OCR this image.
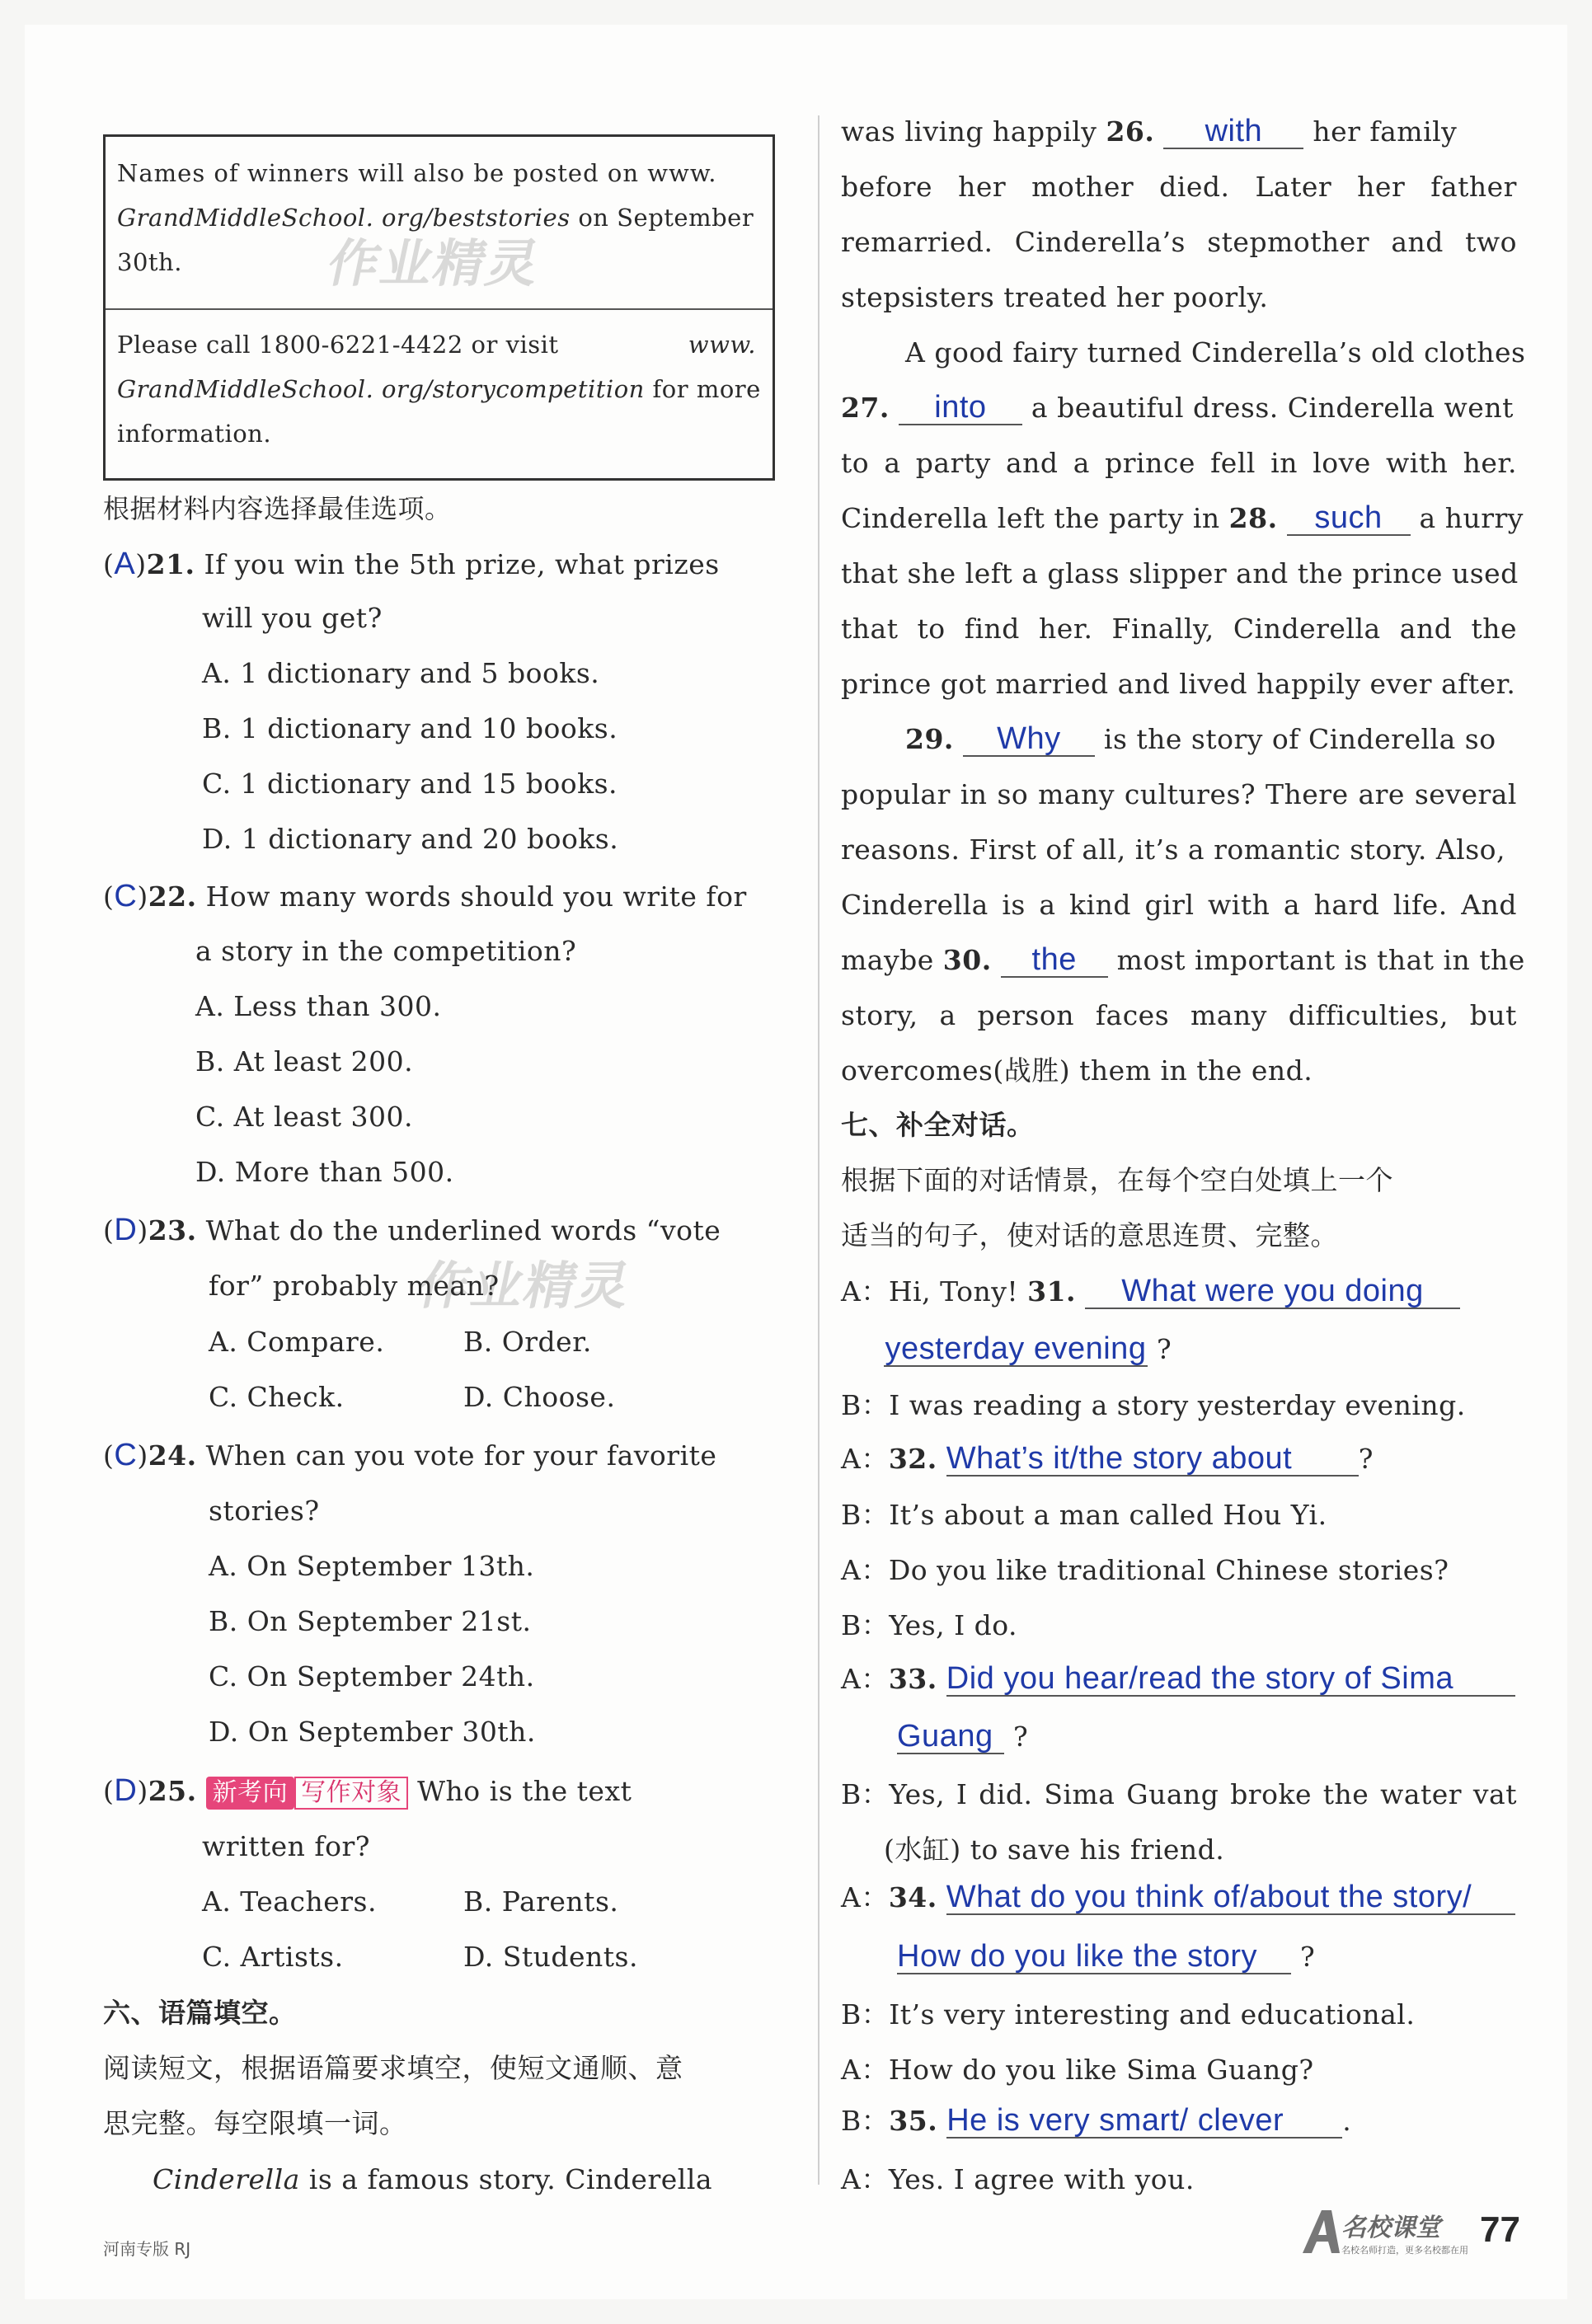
Names of winners will also be posted on www.
GrandMiddleSchool. org/beststories on September
30th.
Please call 1800-6221-4422 or visit	www.
GrandMiddleSchool. org/storycompetition for more
information.
作业精灵
作业精灵
根据材料内容选择最佳选项。
(A)21. If you win the 5th prize, what prizes
will you get?
A. 1 dictionary and 5 books.
B. 1 dictionary and 10 books.
C. 1 dictionary and 15 books.
D. 1 dictionary and 20 books.
(C)22. How many words should you write for
a story in the competition?
A. Less than 300.
B. At least 200.
C. At least 300.
D. More than 500.
(D)23. What do the underlined words “vote
for” probably mean?
A. Compare.	B. Order.
C. Check.	D. Choose.
(C)24. When can you vote for your favorite
stories?
A. On September 13th.
B. On September 21st.
C. On September 24th.
D. On September 30th.
(D)25. 新考向 写作对象 Who is the text
written for?
A. Teachers.	B. Parents.
C. Artists.	D. Students.
六、语篇填空。
阅读短文，根据语篇要求填空，使短文通顺、意
思完整。每空限填一词。
Cinderella is a famous story. Cinderella
was living happily 26. with her family
before her mother died. Later her father
remarried. Cinderella’s stepmother and two
stepsisters treated her poorly.
A good fairy turned Cinderella’s old clothes
27. into a beautiful dress. Cinderella went
to a party and a prince fell in love with her.
Cinderella left the party in 28. such a hurry
that she left a glass slipper and the prince used
that to find her. Finally, Cinderella and the
prince got married and lived happily ever after.
29. Why is the story of Cinderella so
popular in so many cultures? There are several
reasons. First of all, it’s a romantic story. Also,
Cinderella is a kind girl with a hard life. And
maybe 30. the most important is that in the
story, a person faces many difficulties, but
overcomes(战胜) them in the end.
七、补全对话。
根据下面的对话情景，在每个空白处填上一个
适当的句子，使对话的意思连贯、完整。
A：Hi, Tony! 31. What were you doing
yesterday evening ?
B：I was reading a story yesterday evening.
A：32. What’s it/the story about ?
B：It’s about a man called Hou Yi.
A：Do you like traditional Chinese stories?
B：Yes, I do.
A：33. Did you hear/read the story of Sima
Guang ?
B：Yes, I did. Sima Guang broke the water vat
(水缸) to save his friend.
A：34. What do you think of/about the story/
How do you like the story ?
B：It’s very interesting and educational.
A：How do you like Sima Guang?
B：35. He is very smart/ clever .
A：Yes. I agree with you.
河南专版 RJ
名校课堂
名校名师打造，更多名校都在用
77
